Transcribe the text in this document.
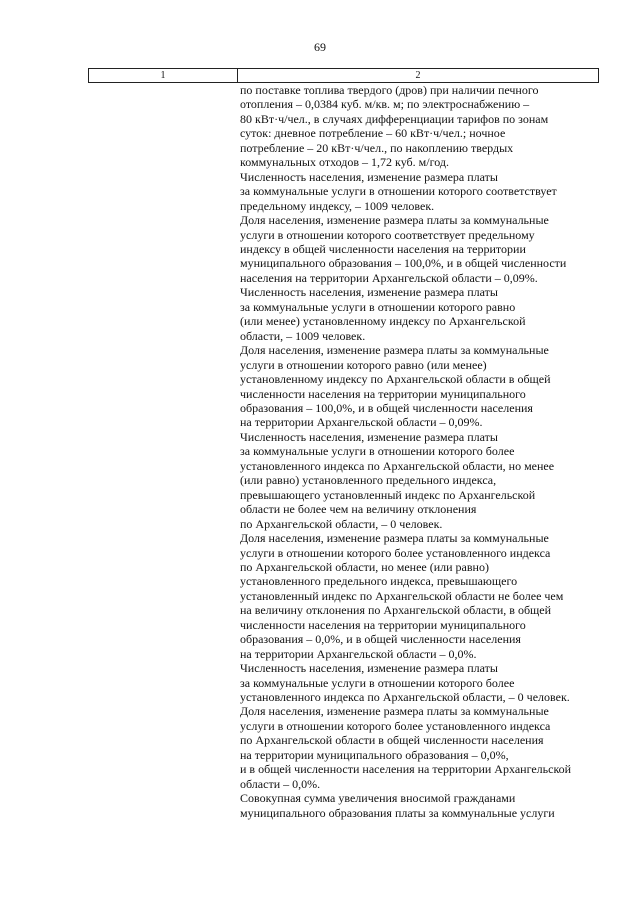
69
1	2
по поставке топлива твердого (дров) при наличии печного
отопления – 0,0384 куб. м/кв. м; по электроснабжению –
80 кВт·ч/чел., в случаях дифференциации тарифов по зонам
суток: дневное потребление – 60 кВт·ч/чел.; ночное
потребление – 20 кВт·ч/чел., по накоплению твердых
коммунальных отходов – 1,72 куб. м/год.
Численность населения, изменение размера платы
за коммунальные услуги в отношении которого соответствует
предельному индексу, – 1009 человек.
Доля населения, изменение размера платы за коммунальные
услуги в отношении которого соответствует предельному
индексу в общей численности населения на территории
муниципального образования – 100,0%, и в общей численности
населения на территории Архангельской области – 0,09%.
Численность населения, изменение размера платы
за коммунальные услуги в отношении которого равно
(или менее) установленному индексу по Архангельской
области, – 1009 человек.
Доля населения, изменение размера платы за коммунальные
услуги в отношении которого равно (или менее)
установленному индексу по Архангельской области в общей
численности населения на территории муниципального
образования – 100,0%, и в общей численности населения
на территории Архангельской области – 0,09%.
Численность населения, изменение размера платы
за коммунальные услуги в отношении которого более
установленного индекса по Архангельской области, но менее
(или равно) установленного предельного индекса,
превышающего установленный индекс по Архангельской
области не более чем на величину отклонения
по Архангельской области, – 0 человек.
Доля населения, изменение размера платы за коммунальные
услуги в отношении которого более установленного индекса
по Архангельской области, но менее (или равно)
установленного предельного индекса, превышающего
установленный индекс по Архангельской области не более чем
на величину отклонения по Архангельской области, в общей
численности населения на территории муниципального
образования – 0,0%, и в общей численности населения
на территории Архангельской области – 0,0%.
Численность населения, изменение размера платы
за коммунальные услуги в отношении которого более
установленного индекса по Архангельской области, – 0 человек.
Доля населения, изменение размера платы за коммунальные
услуги в отношении которого более установленного индекса
по Архангельской области в общей численности населения
на территории муниципального образования – 0,0%,
и в общей численности населения на территории Архангельской
области – 0,0%.
Совокупная сумма увеличения вносимой гражданами
муниципального образования платы за коммунальные услуги
